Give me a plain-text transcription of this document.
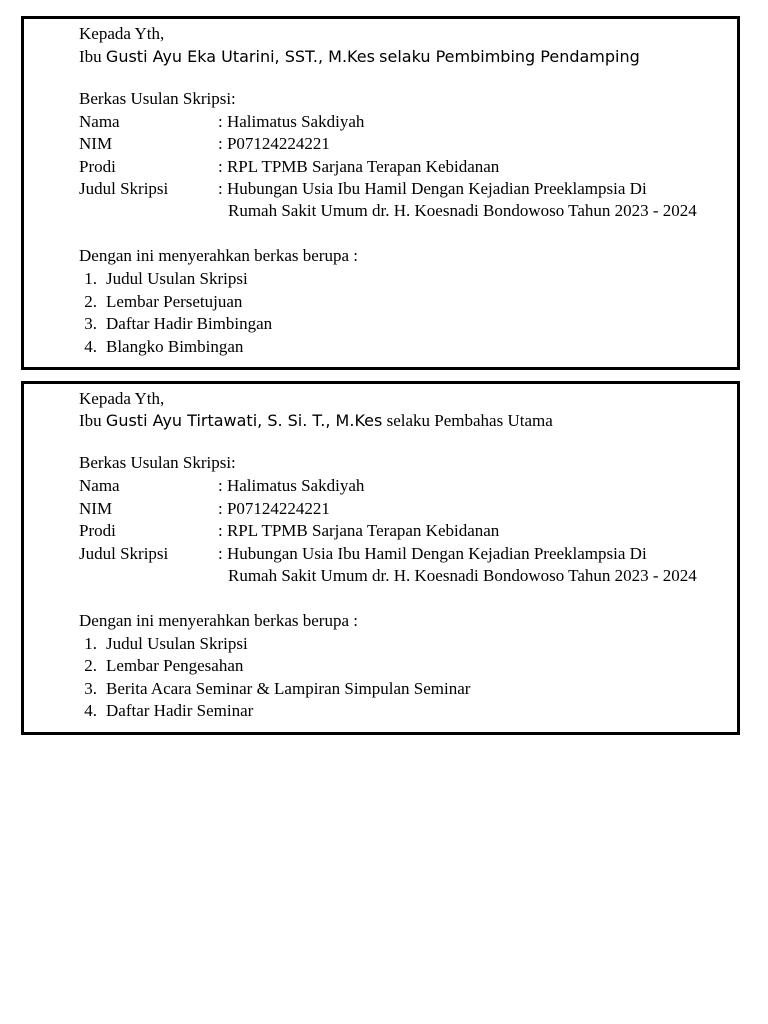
Kepada Yth,
Ibu Gusti Ayu Eka Utarini, SST., M.Kes selaku Pembimbing Pendamping
Berkas Usulan Skripsi:
Nama	: Halimatus Sakdiyah
NIM	: P07124224221
Prodi	: RPL TPMB Sarjana Terapan Kebidanan
Judul Skripsi	: Hubungan Usia Ibu Hamil Dengan Kejadian Preeklampsia Di
Rumah Sakit Umum dr. H. Koesnadi Bondowoso Tahun 2023 - 2024
Dengan ini menyerahkan berkas berupa :
1. Judul Usulan Skripsi
2. Lembar Persetujuan
3. Daftar Hadir Bimbingan
4. Blangko Bimbingan
Kepada Yth,
Ibu Gusti Ayu Tirtawati, S. Si. T., M.Kes selaku Pembahas Utama
Berkas Usulan Skripsi:
Nama	: Halimatus Sakdiyah
NIM	: P07124224221
Prodi	: RPL TPMB Sarjana Terapan Kebidanan
Judul Skripsi	: Hubungan Usia Ibu Hamil Dengan Kejadian Preeklampsia Di
Rumah Sakit Umum dr. H. Koesnadi Bondowoso Tahun 2023 - 2024
Dengan ini menyerahkan berkas berupa :
1. Judul Usulan Skripsi
2. Lembar Pengesahan
3. Berita Acara Seminar & Lampiran Simpulan Seminar
4. Daftar Hadir Seminar
